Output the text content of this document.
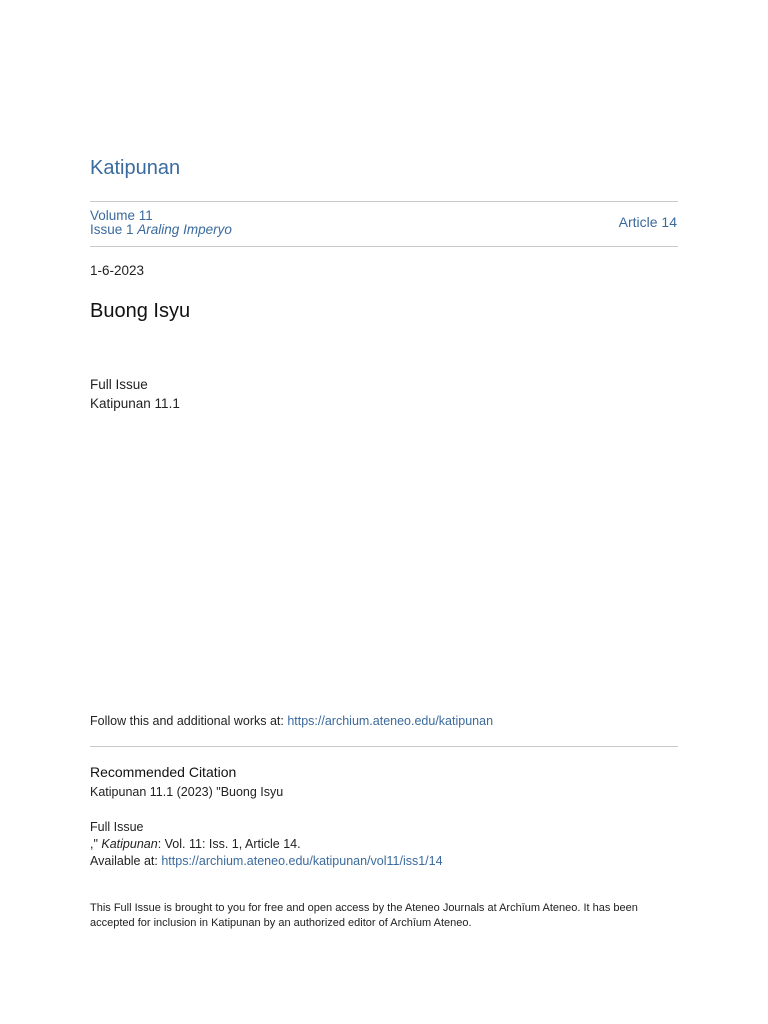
Katipunan
Volume 11
Issue 1 Araling Imperyo	Article 14
1-6-2023
Buong Isyu
Full Issue
Katipunan 11.1
Follow this and additional works at: https://archium.ateneo.edu/katipunan
Recommended Citation
Katipunan 11.1 (2023) "Buong Isyu
Full Issue
," Katipunan: Vol. 11: Iss. 1, Article 14.
Available at: https://archium.ateneo.edu/katipunan/vol11/iss1/14
This Full Issue is brought to you for free and open access by the Ateneo Journals at Archīum Ateneo. It has been accepted for inclusion in Katipunan by an authorized editor of Archīum Ateneo.
